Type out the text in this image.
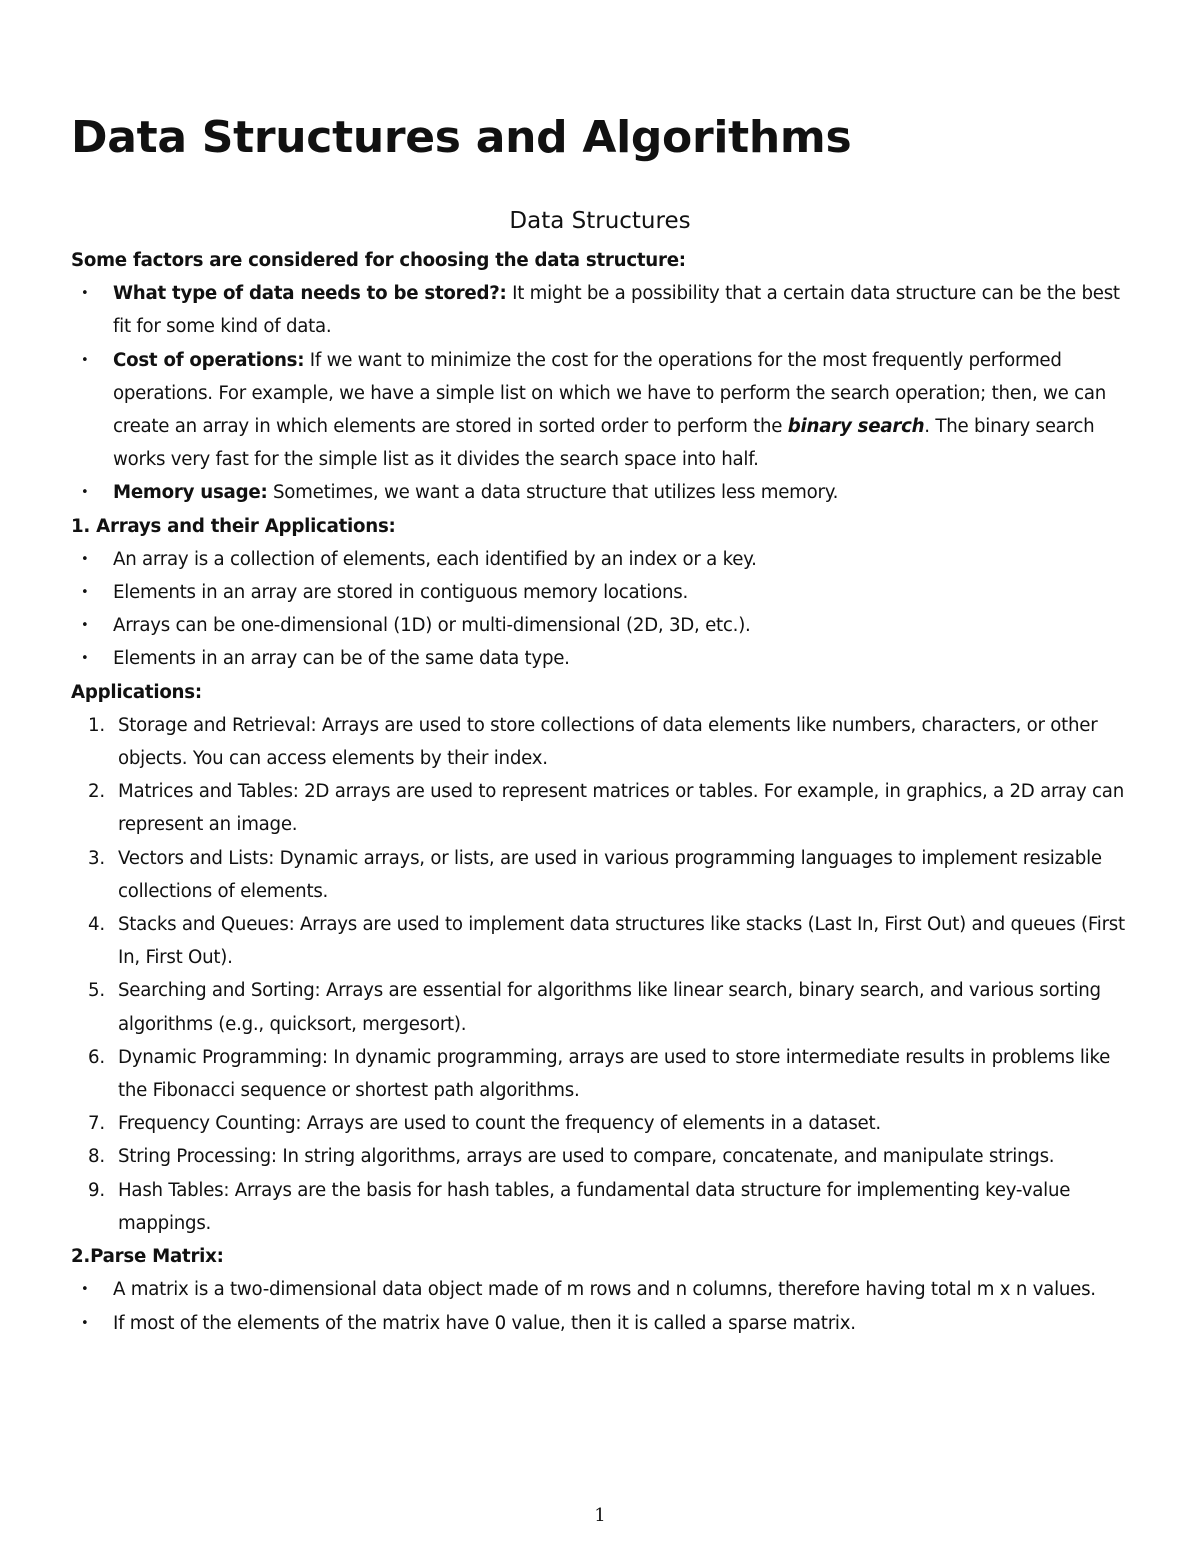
Data Structures and Algorithms
Data Structures

Some factors are considered for choosing the data structure:

• What type of data needs to be stored?: It might be a possibility that a certain data structure can be the best fit for some kind of data.
• Cost of operations: If we want to minimize the cost for the operations for the most frequently performed operations. For example, we have a simple list on which we have to perform the search operation; then, we can create an array in which elements are stored in sorted order to perform the binary search. The binary search works very fast for the simple list as it divides the search space into half.
• Memory usage: Sometimes, we want a data structure that utilizes less memory.

1. Arrays and their Applications:

• An array is a collection of elements, each identified by an index or a key.
• Elements in an array are stored in contiguous memory locations.
• Arrays can be one-dimensional (1D) or multi-dimensional (2D, 3D, etc.).
• Elements in an array can be of the same data type.

Applications:

1. Storage and Retrieval: Arrays are used to store collections of data elements like numbers, characters, or other objects. You can access elements by their index.
2. Matrices and Tables: 2D arrays are used to represent matrices or tables. For example, in graphics, a 2D array can represent an image.
3. Vectors and Lists: Dynamic arrays, or lists, are used in various programming languages to implement resizable collections of elements.
4. Stacks and Queues: Arrays are used to implement data structures like stacks (Last In, First Out) and queues (First In, First Out).
5. Searching and Sorting: Arrays are essential for algorithms like linear search, binary search, and various sorting algorithms (e.g., quicksort, mergesort).
6. Dynamic Programming: In dynamic programming, arrays are used to store intermediate results in problems like the Fibonacci sequence or shortest path algorithms.
7. Frequency Counting: Arrays are used to count the frequency of elements in a dataset.
8. String Processing: In string algorithms, arrays are used to compare, concatenate, and manipulate strings.
9. Hash Tables: Arrays are the basis for hash tables, a fundamental data structure for implementing key-value mappings.

2.Parse Matrix:

• A matrix is a two-dimensional data object made of m rows and n columns, therefore having total m x n values.
• If most of the elements of the matrix have 0 value, then it is called a sparse matrix.
1
